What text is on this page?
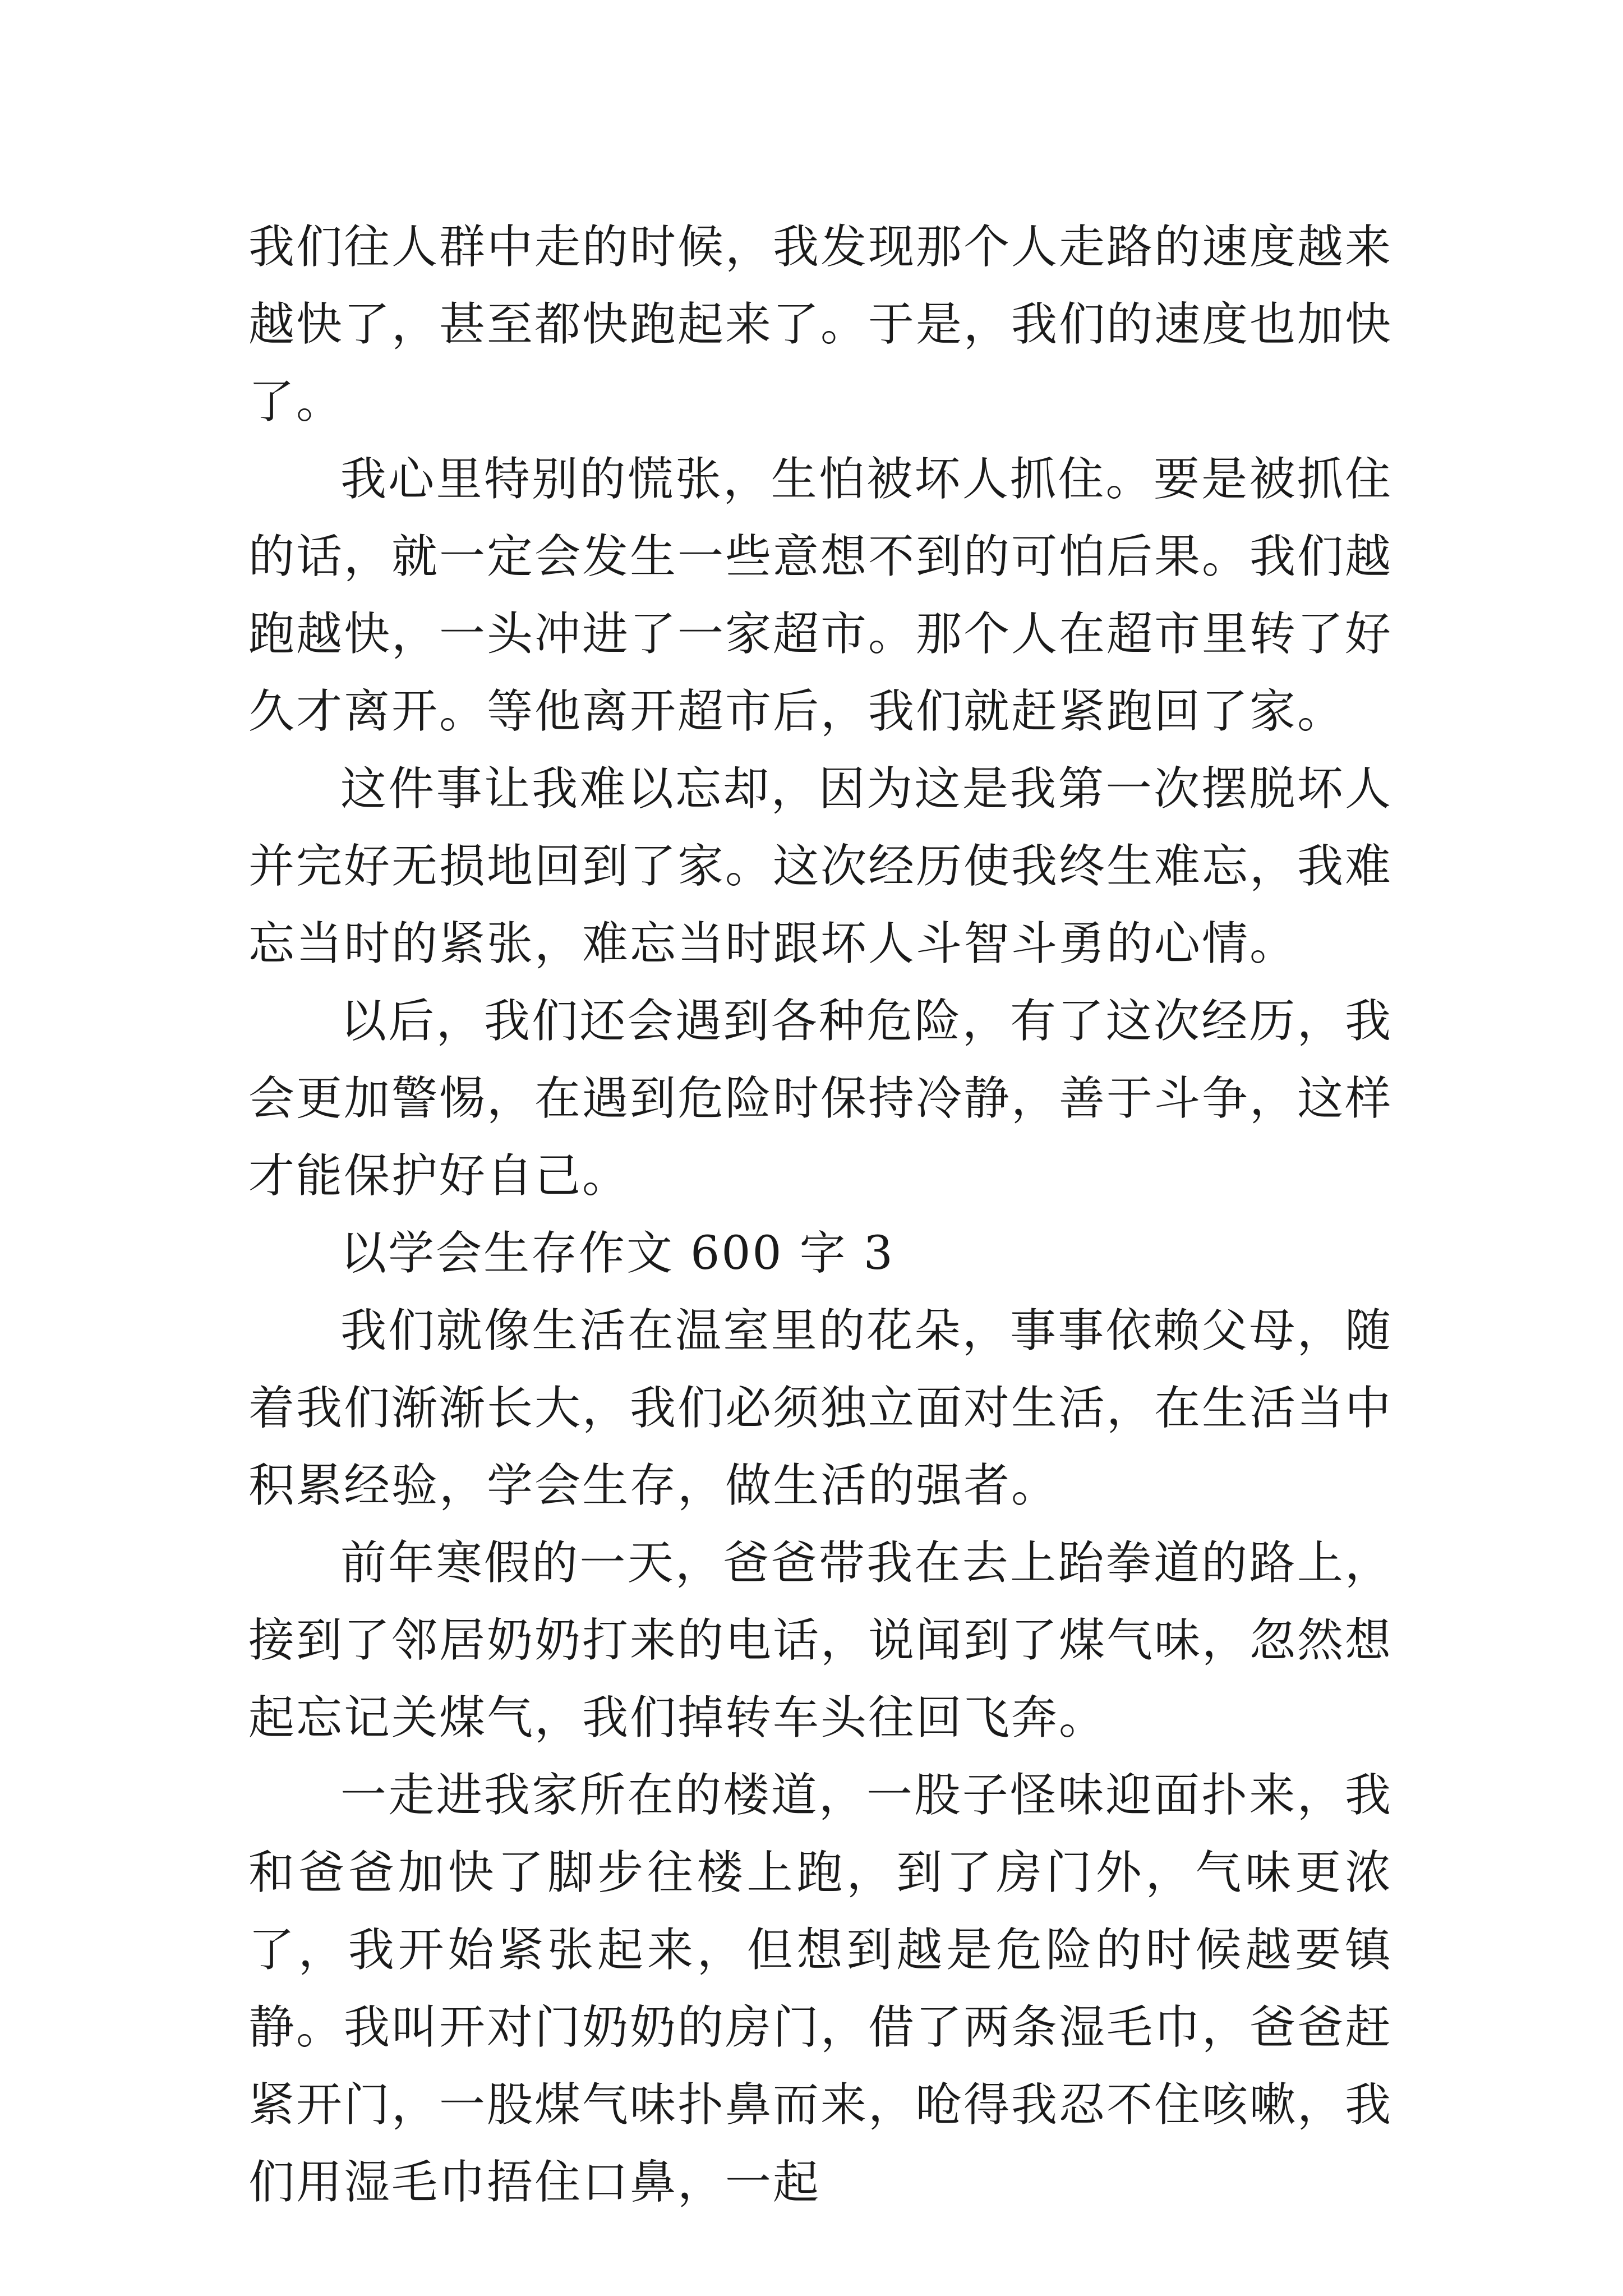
我们往人群中走的时候，我发现那个人走路的速度越来越快了，甚至都快跑起来了。于是，我们的速度也加快了。

我心里特别的慌张，生怕被坏人抓住。要是被抓住的话，就一定会发生一些意想不到的可怕后果。我们越跑越快，一头冲进了一家超市。那个人在超市里转了好久才离开。等他离开超市后，我们就赶紧跑回了家。

这件事让我难以忘却，因为这是我第一次摆脱坏人并完好无损地回到了家。这次经历使我终生难忘，我难忘当时的紧张，难忘当时跟坏人斗智斗勇的心情。

以后，我们还会遇到各种危险，有了这次经历，我会更加警惕，在遇到危险时保持冷静，善于斗争，这样才能保护好自己。

以学会生存作文 600 字 3

我们就像生活在温室里的花朵，事事依赖父母，随着我们渐渐长大，我们必须独立面对生活，在生活当中积累经验，学会生存，做生活的强者。

前年寒假的一天，爸爸带我在去上跆拳道的路上，接到了邻居奶奶打来的电话，说闻到了煤气味，忽然想起忘记关煤气，我们掉转车头往回飞奔。

一走进我家所在的楼道，一股子怪味迎面扑来，我和爸爸加快了脚步往楼上跑，到了房门外，气味更浓了，我开始紧张起来，但想到越是危险的时候越要镇静。我叫开对门奶奶的房门，借了两条湿毛巾，爸爸赶紧开门，一股煤气味扑鼻而来，呛得我忍不住咳嗽，我们用湿毛巾捂住口鼻，一起
